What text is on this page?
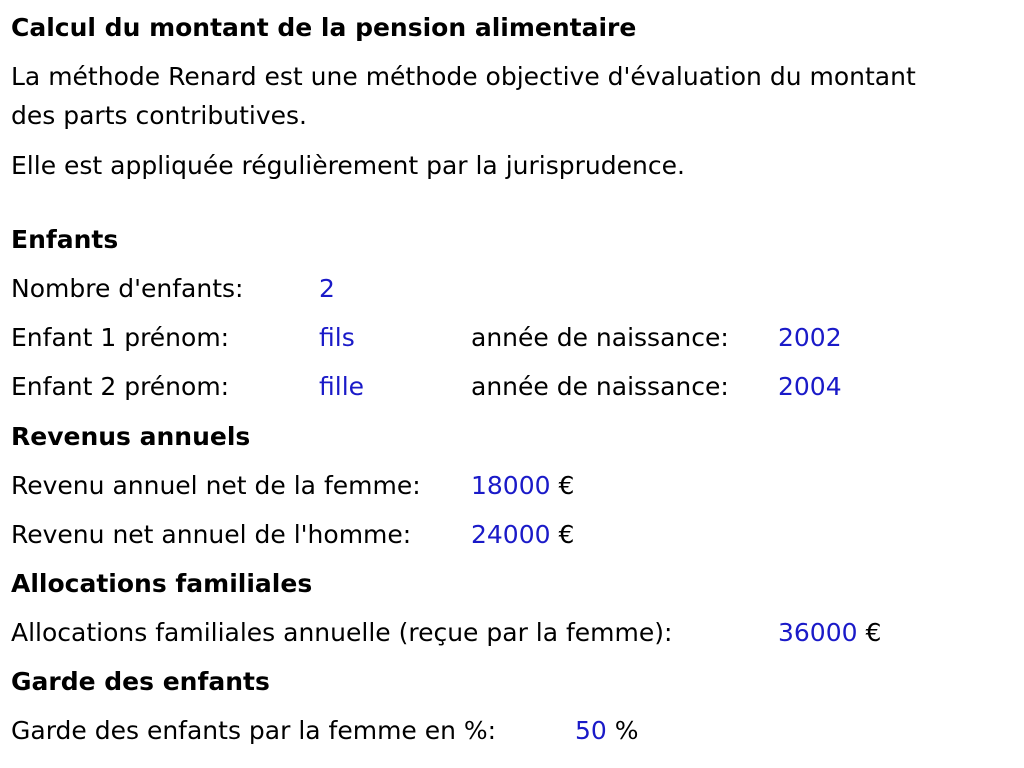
Calcul du montant de la pension alimentaire
La méthode Renard est une méthode objective d'évaluation du montant
des parts contributives.
Elle est appliquée régulièrement par la jurisprudence.
Enfants
Nombre d'enfants:	2
Enfant 1 prénom:	fils	année de naissance: 2002
Enfant 2 prénom:	fille	année de naissance: 2004
Revenus annuels
Revenu annuel net de la femme: 18000 €
Revenu net annuel de l'homme: 24000 €
Allocations familiales
Allocations familiales annuelle (reçue par la femme):	36000 €
Garde des enfants
Garde des enfants par la femme en %:	50 %
